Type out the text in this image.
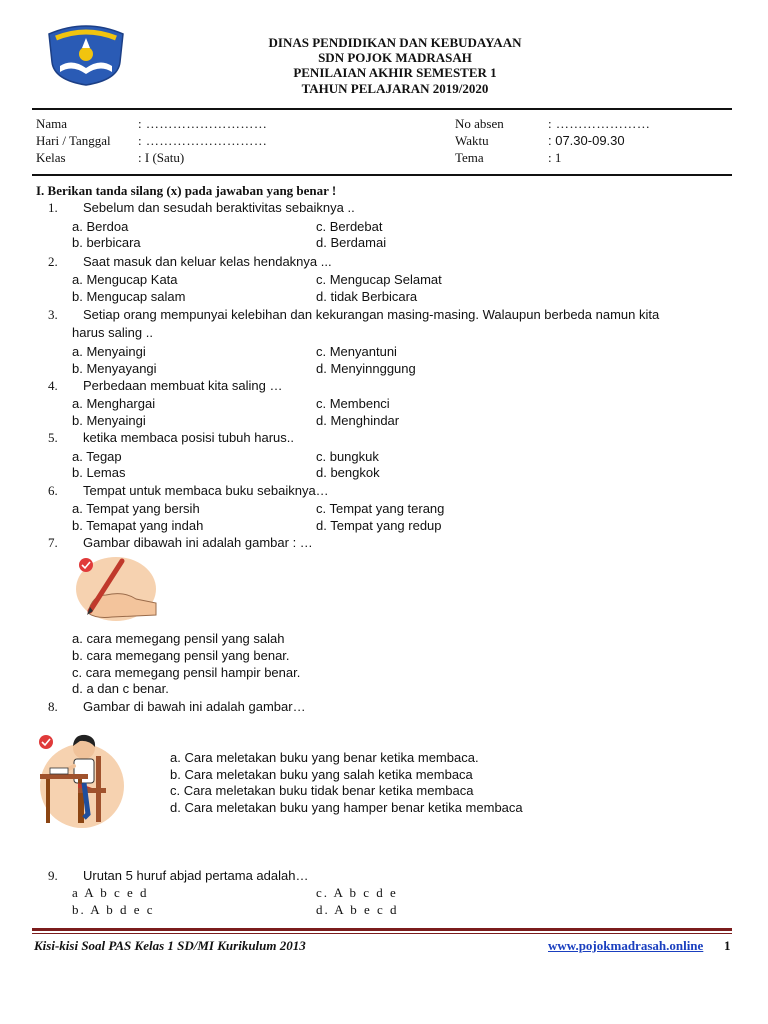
DINAS PENDIDIKAN DAN KEBUDAYAAN
SDN POJOK MADRASAH
PENILAIAN AKHIR SEMESTER 1
TAHUN PELAJARAN 2019/2020
Nama	: ………………………
Hari / Tanggal : ………………………
Kelas	: I (Satu)
No absen	: …………………
Waktu	: 07.30-09.30
Tema	: 1
I. Berikan tanda silang (x) pada jawaban yang benar !
1. Sebelum dan sesudah beraktivitas sebaiknya ..
a. Berdoa
b. berbicara
c. Berdebat
d. Berdamai
2. Saat masuk dan keluar kelas hendaknya ...
a. Mengucap Kata
b. Mengucap salam
c. Mengucap Selamat
d. tidak Berbicara
3. Setiap orang mempunyai kelebihan dan kekurangan masing-masing. Walaupun berbeda namun kita
harus saling ..
a. Menyaingi
b. Menyayangi
c. Menyantuni
d. Menyinnggung
4. Perbedaan membuat kita saling …
a. Menghargai
b. Menyaingi
c. Membenci
d. Menghindar
5. ketika membaca posisi tubuh harus..
a. Tegap
b. Lemas
c. bungkuk
d. bengkok
6. Tempat untuk membaca buku sebaiknya…
a. Tempat yang bersih
b. Temapat yang indah
c. Tempat yang terang
d. Tempat yang redup
7. Gambar dibawah ini adalah gambar : …
a. cara memegang pensil yang salah
b. cara memegang pensil yang benar.
c. cara memegang pensil hampir benar.
d. a dan c benar.
8. Gambar di bawah ini adalah gambar…
a. Cara meletakan buku yang benar ketika membaca.
b. Cara meletakan buku yang salah ketika membaca
c. Cara meletakan buku tidak benar ketika membaca
d. Cara meletakan buku yang hamper benar ketika membaca
9. Urutan 5 huruf abjad pertama adalah…
a A b c e d
b. A b d e c
c. A b c d e
d. A b e c d
Kisi-kisi Soal PAS Kelas 1 SD/MI Kurikulum 2013	www.pojokmadrasah.online 1
